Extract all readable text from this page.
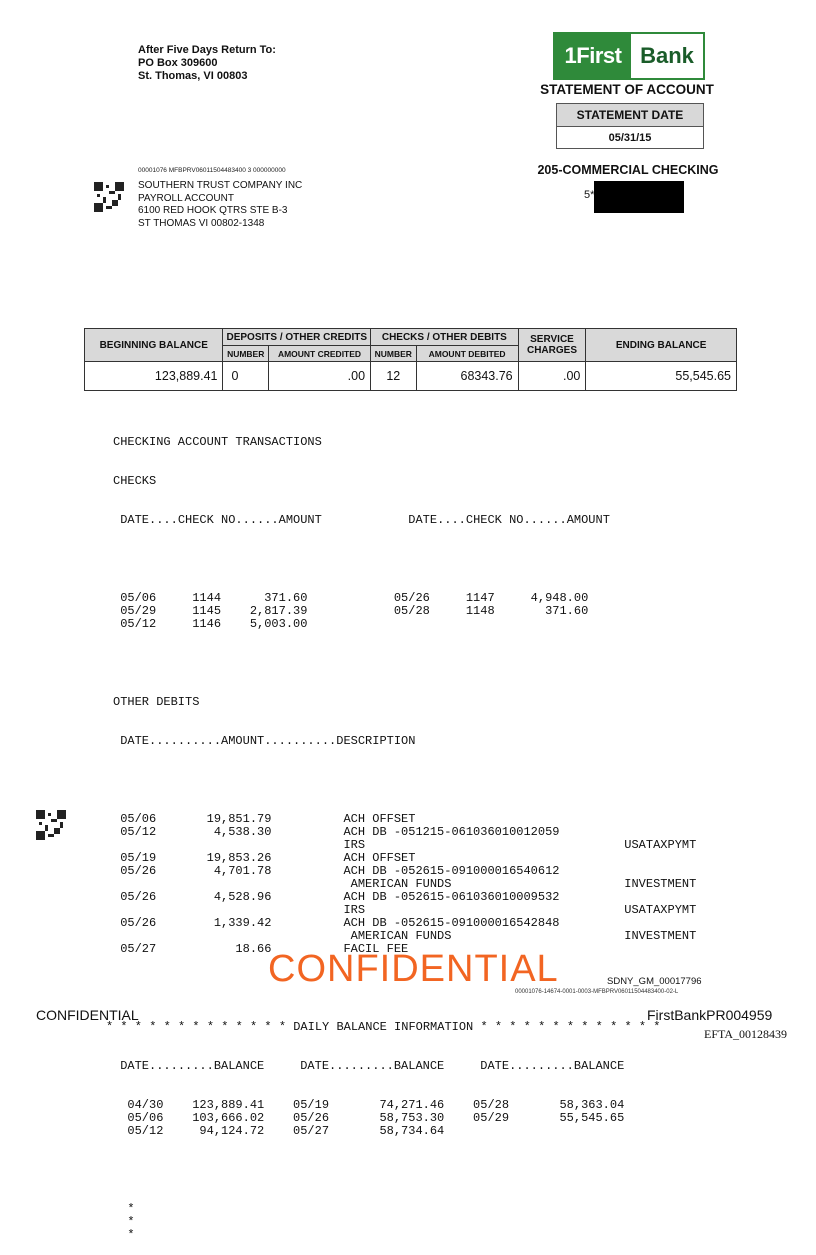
After Five Days Return To:
PO Box 309600
St. Thomas, VI 00803
1First Bank
STATEMENT OF ACCOUNT
STATEMENT DATE
05/31/15
205-COMMERCIAL CHECKING
5*
00001076 MFBPRV06011504483400 3 000000000
SOUTHERN TRUST COMPANY INC
PAYROLL ACCOUNT
6100 RED HOOK QTRS STE B-3
ST THOMAS VI 00802-1348
BEGINNING BALANCE	DEPOSITS / OTHER CREDITS		CHECKS / OTHER DEBITS		SERVICE CHARGES	ENDING BALANCE
	NUMBER	AMOUNT CREDITED	NUMBER	AMOUNT DEBITED		
123,889.41	0	.00	12	68343.76	.00	55,545.65

CHECKING ACCOUNT TRANSACTIONS

CHECKS

DATE....CHECK NO......AMOUNT	DATE....CHECK NO......AMOUNT

05/06     1144      371.60            05/26     1147     4,948.00
05/29     1145    2,817.39            05/28     1148       371.60
05/12     1146    5,003.00

OTHER DEBITS

DATE..........AMOUNT..........DESCRIPTION

05/06       19,851.79          ACH OFFSET
05/12        4,538.30          ACH DB -051215-061036010012059
IRS                                    USATAXPYMT
05/19       19,853.26          ACH OFFSET
05/26        4,701.78          ACH DB -052615-091000016540612
AMERICAN FUNDS                        INVESTMENT
05/26        4,528.96          ACH DB -052615-061036010009532
IRS                                    USATAXPYMT
05/26        1,339.42          ACH DB -052615-091000016542848
AMERICAN FUNDS                        INVESTMENT
05/27           18.66          FACIL FEE

* * * * * * * * * * * * * DAILY BALANCE INFORMATION * * * * * * * * * * * * *

DATE.........BALANCE     DATE.........BALANCE     DATE.........BALANCE

04/30    123,889.41    05/19       74,271.46    05/28       58,363.04
05/06    103,666.02    05/26       58,753.30    05/29       55,545.65
05/12     94,124.72    05/27       58,734.64

*
*
*

CONFIDENTIAL	SDNY_GM_00017796
00001076-14674-0001-0003-MFBPRV06011504483400-02-L
CONFIDENTIAL	FirstBankPR004959
EFTA_00128439
